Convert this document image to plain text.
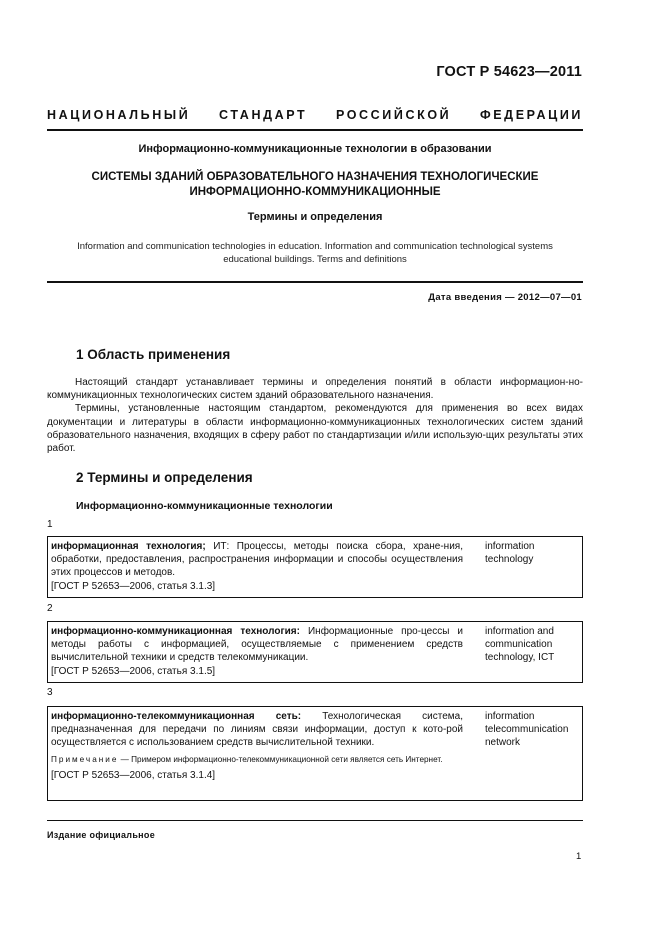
ГОСТ Р 54623—2011
НАЦИОНАЛЬНЫЙ СТАНДАРТ РОССИЙСКОЙ ФЕДЕРАЦИИ
Информационно-коммуникационные технологии в образовании
СИСТЕМЫ ЗДАНИЙ ОБРАЗОВАТЕЛЬНОГО НАЗНАЧЕНИЯ ТЕХНОЛОГИЧЕСКИЕ
ИНФОРМАЦИОННО-КОММУНИКАЦИОННЫЕ
Термины и определения
Information and communication technologies in education. Information and communication technological systems
educational buildings. Terms and definitions
Дата введения — 2012—07—01
1 Область применения

Настоящий стандарт устанавливает термины и определения понятий в области информацион-но-коммуникационных технологических систем зданий образовательного назначения.

Термины, установленные настоящим стандартом, рекомендуются для применения во всех видах документации и литературы в области информационно-коммуникационных технологических систем зданий образовательного назначения, входящих в сферу работ по стандартизации и/или использую-щих результаты этих работ.

2 Термины и определения
Информационно-коммуникационные технологии
1
информационная технология; ИТ: Процессы, методы поиска сбора, хране-ния, обработки, предоставления, распространения информации и способы осуществления этих процессов и методов.

[ГОСТ Р 52653—2006, статья 3.1.3]

information
technology
2
информационно-коммуникационная технология: Информационные про-цессы и методы работы с информацией, осуществляемые с применением средств вычислительной техники и средств телекоммуникации.

[ГОСТ Р 52653—2006, статья 3.1.5]

information and
communication
technology, ICT
3
информационно-телекоммуникационная сеть: Технологическая система, предназначенная для передачи по линиям связи информации, доступ к кото-рой осуществляется с использованием средств вычислительной техники.
Примечание — Примером информационно-телекоммуникационной сети является сеть Интернет.

[ГОСТ Р 52653—2006, статья 3.1.4]

information
telecommunication
network
Издание официальное
1
